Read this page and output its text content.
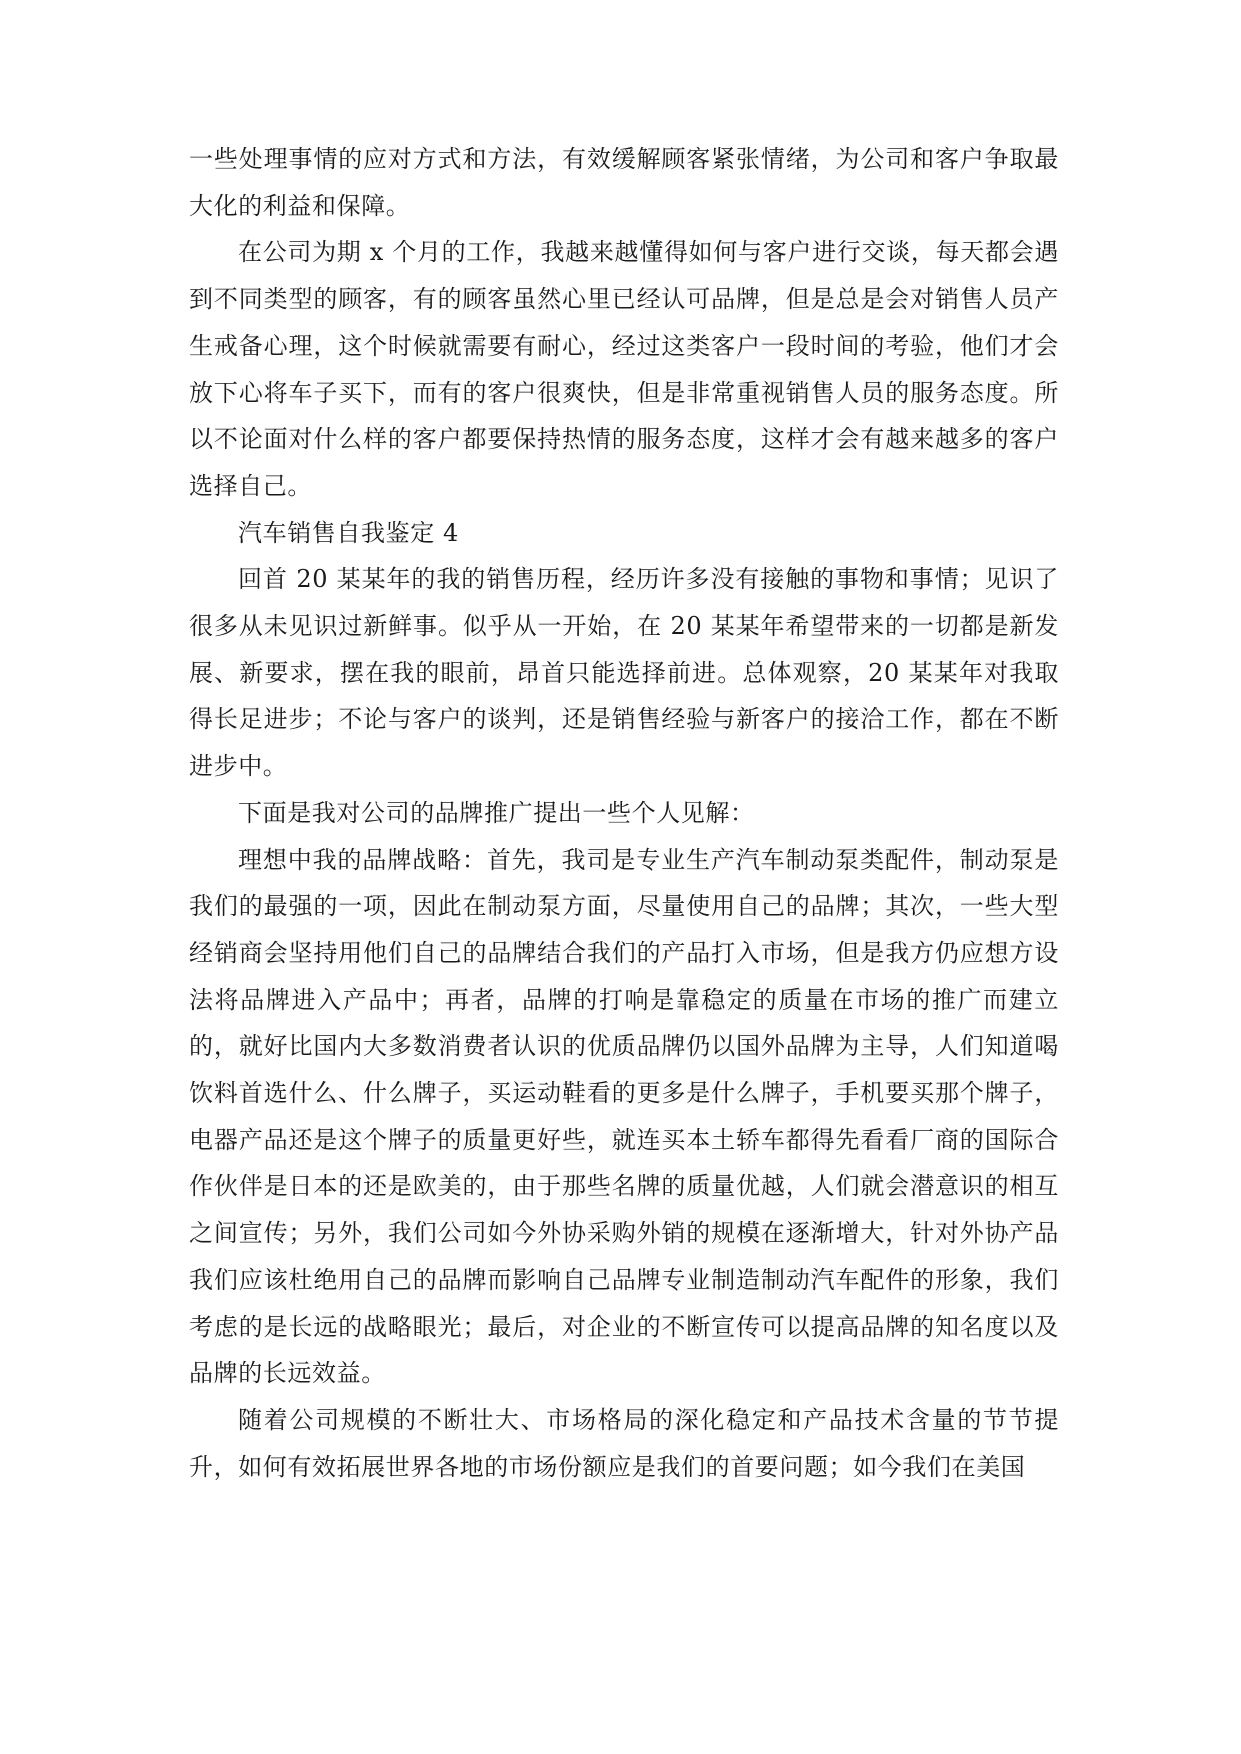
一些处理事情的应对方式和方法，有效缓解顾客紧张情绪，为公司和客户争取最大化的利益和保障。

在公司为期 x 个月的工作，我越来越懂得如何与客户进行交谈，每天都会遇到不同类型的顾客，有的顾客虽然心里已经认可品牌，但是总是会对销售人员产生戒备心理，这个时候就需要有耐心，经过这类客户一段时间的考验，他们才会放下心将车子买下，而有的客户很爽快，但是非常重视销售人员的服务态度。所以不论面对什么样的客户都要保持热情的服务态度，这样才会有越来越多的客户选择自己。

汽车销售自我鉴定 4

回首 20 某某年的我的销售历程，经历许多没有接触的事物和事情；见识了很多从未见识过新鲜事。似乎从一开始，在 20 某某年希望带来的一切都是新发展、新要求，摆在我的眼前，昂首只能选择前进。总体观察，20 某某年对我取得长足进步；不论与客户的谈判，还是销售经验与新客户的接洽工作，都在不断进步中。

下面是我对公司的品牌推广提出一些个人见解：

理想中我的品牌战略：首先，我司是专业生产汽车制动泵类配件，制动泵是我们的最强的一项，因此在制动泵方面，尽量使用自己的品牌；其次，一些大型经销商会坚持用他们自己的品牌结合我们的产品打入市场，但是我方仍应想方设法将品牌进入产品中；再者，品牌的打响是靠稳定的质量在市场的推广而建立的，就好比国内大多数消费者认识的优质品牌仍以国外品牌为主导，人们知道喝饮料首选什么、什么牌子，买运动鞋看的更多是什么牌子，手机要买那个牌子，电器产品还是这个牌子的质量更好些，就连买本土轿车都得先看看厂商的国际合作伙伴是日本的还是欧美的，由于那些名牌的质量优越，人们就会潜意识的相互之间宣传；另外，我们公司如今外协采购外销的规模在逐渐增大，针对外协产品我们应该杜绝用自己的品牌而影响自己品牌专业制造制动汽车配件的形象，我们考虑的是长远的战略眼光；最后，对企业的不断宣传可以提高品牌的知名度以及品牌的长远效益。

随着公司规模的不断壮大、市场格局的深化稳定和产品技术含量的节节提升，如何有效拓展世界各地的市场份额应是我们的首要问题；如今我们在美国
